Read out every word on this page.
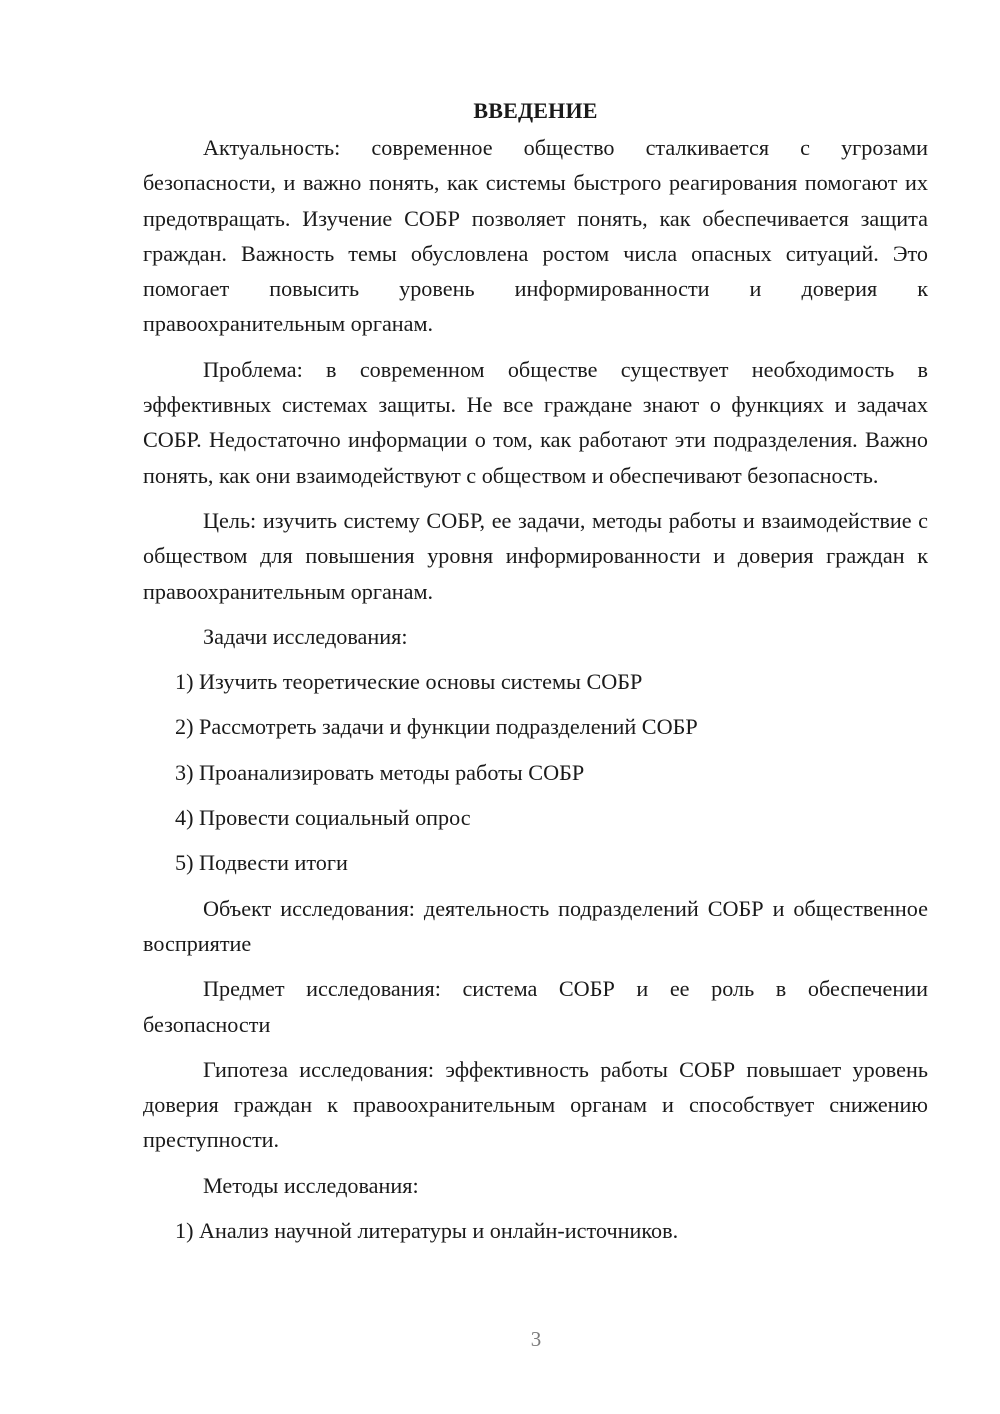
ВВЕДЕНИЕ

Актуальность: современное общество сталкивается с угрозами безопасности, и важно понять, как системы быстрого реагирования помогают их предотвращать. Изучение СОБР позволяет понять, как обеспечивается защита граждан. Важность темы обусловлена ростом числа опасных ситуаций. Это помогает повысить уровень информированности и доверия к правоохранительным органам.

Проблема: в современном обществе существует необходимость в эффективных системах защиты. Не все граждане знают о функциях и задачах СОБР. Недостаточно информации о том, как работают эти подразделения. Важно понять, как они взаимодействуют с обществом и обеспечивают безопасность.

Цель: изучить систему СОБР, ее задачи, методы работы и взаимодействие с обществом для повышения уровня информированности и доверия граждан к правоохранительным органам.

Задачи исследования:

1) Изучить теоретические основы системы СОБР

2) Рассмотреть задачи и функции подразделений СОБР

3) Проанализировать методы работы СОБР

4) Провести социальный опрос

5) Подвести итоги

Объект исследования: деятельность подразделений СОБР и общественное восприятие

Предмет исследования: система СОБР и ее роль в обеспечении безопасности

Гипотеза исследования: эффективность работы СОБР повышает уровень доверия граждан к правоохранительным органам и способствует снижению преступности.

Методы исследования:

1) Анализ научной литературы и онлайн-источников.

3
